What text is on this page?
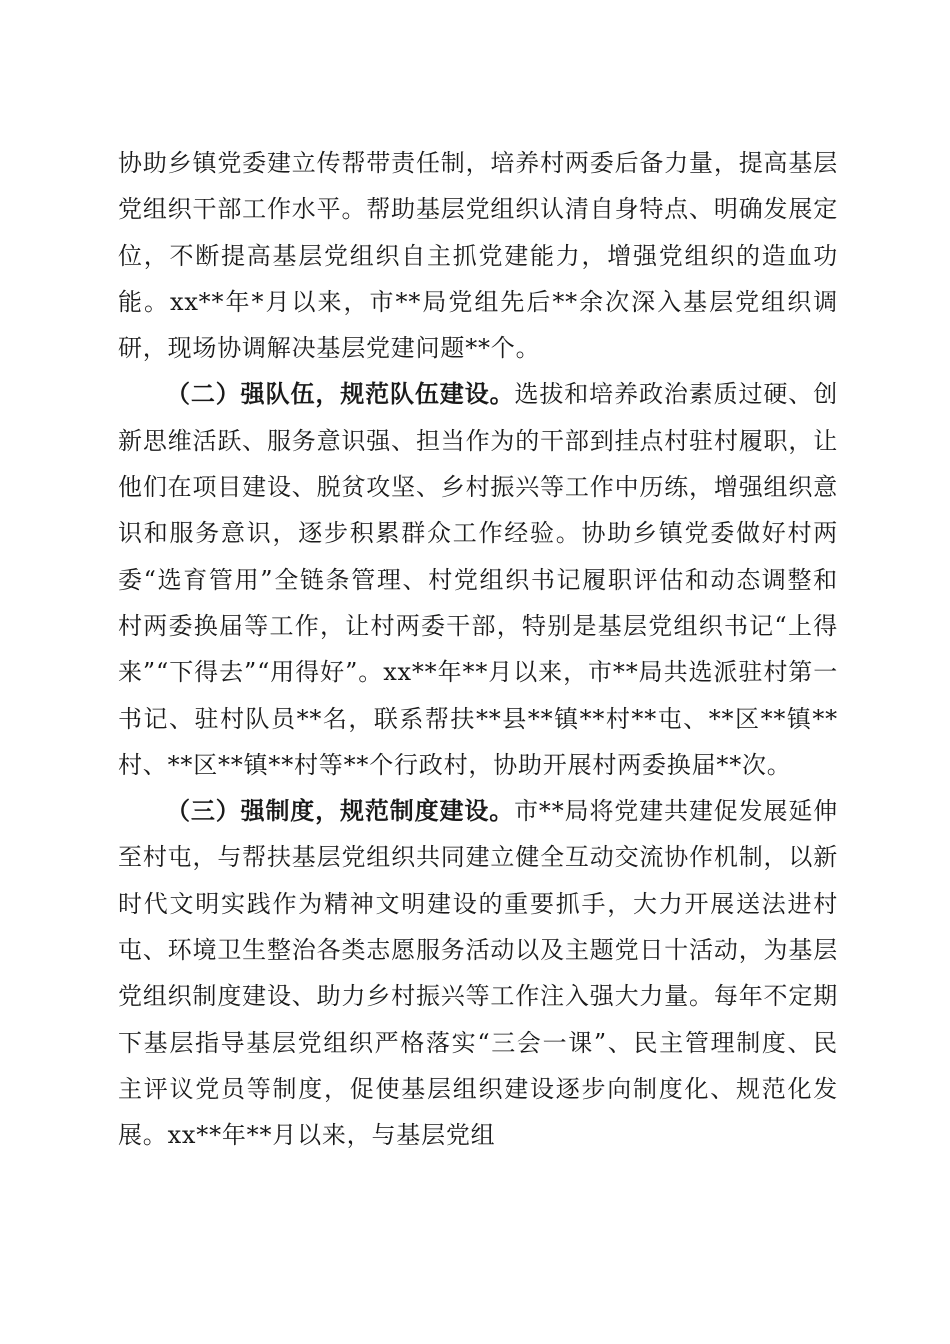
协助乡镇党委建立传帮带责任制，培养村两委后备力量，提高基层党组织干部工作水平。帮助基层党组织认清自身特点、明确发展定位，不断提高基层党组织自主抓党建能力，增强党组织的造血功能。xx**年*月以来，市**局党组先后**余次深入基层党组织调研，现场协调解决基层党建问题**个。

（二）强队伍，规范队伍建设。选拔和培养政治素质过硬、创新思维活跃、服务意识强、担当作为的干部到挂点村驻村履职，让他们在项目建设、脱贫攻坚、乡村振兴等工作中历练，增强组织意识和服务意识，逐步积累群众工作经验。协助乡镇党委做好村两委“选育管用”全链条管理、村党组织书记履职评估和动态调整和村两委换届等工作，让村两委干部，特别是基层党组织书记“上得来”“下得去”“用得好”。xx**年**月以来，市**局共选派驻村第一书记、驻村队员**名，联系帮扶**县**镇**村**屯、**区**镇**村、**区**镇**村等**个行政村，协助开展村两委换届**次。

（三）强制度，规范制度建设。市**局将党建共建促发展延伸至村屯，与帮扶基层党组织共同建立健全互动交流协作机制，以新时代文明实践作为精神文明建设的重要抓手，大力开展送法进村屯、环境卫生整治各类志愿服务活动以及主题党日十活动，为基层党组织制度建设、助力乡村振兴等工作注入强大力量。每年不定期下基层指导基层党组织严格落实“三会一课”、民主管理制度、民主评议党员等制度，促使基层组织建设逐步向制度化、规范化发展。xx**年**月以来，与基层党组
